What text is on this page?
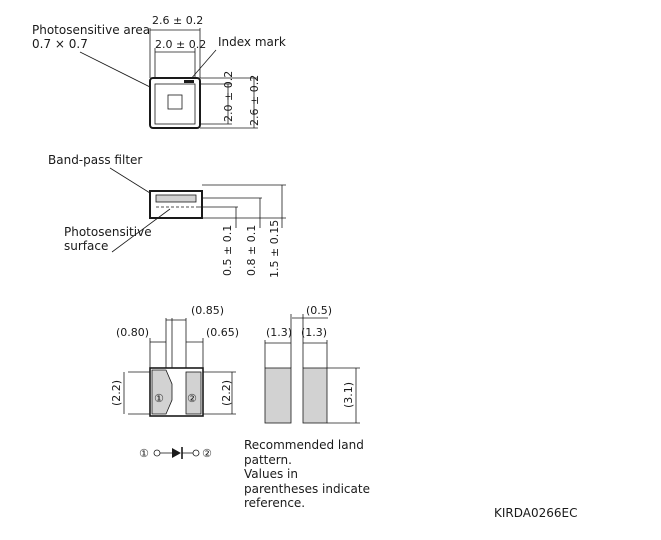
Photosensitive area
0.7 × 0.7
2.6 ± 0.2
2.0 ± 0.2 Index mark
2.0 ± 0.2 2.6 ± 0.2
Band-pass filter
Photosensitive
surface	0.5 ± 0.1 0.8 ± 0.1 1.5 ± 0.15
(0.85)
(0.80)	(0.65)
① ②
(2.2)	(2.2)
(0.5)
(1.3) (1.3)
(3.1)
①	②
Recommended land
pattern.
Values in
parentheses indicate
reference.
KIRDA0266EC
